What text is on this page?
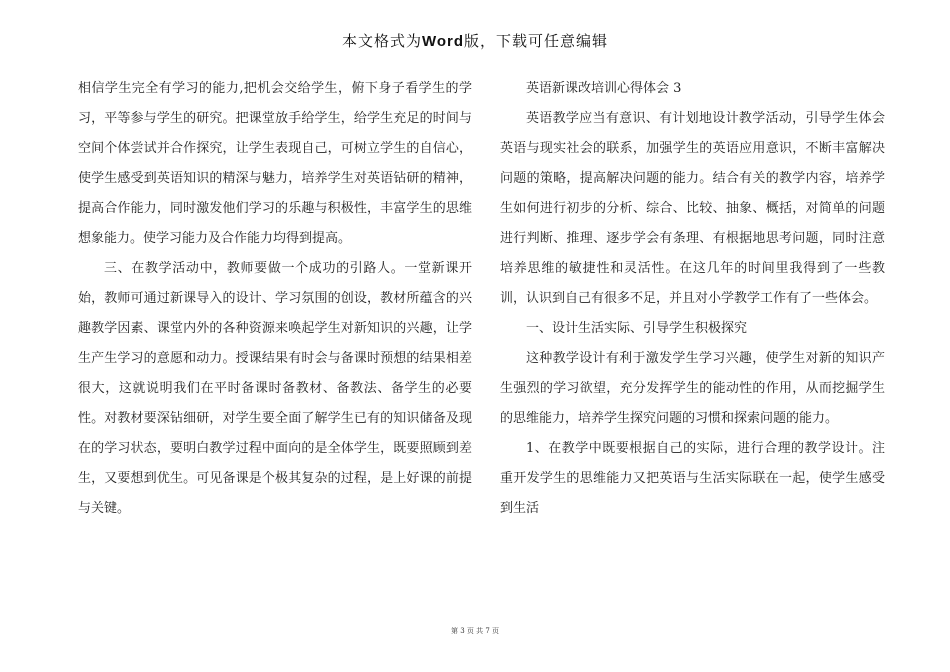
本文格式为Word版，下载可任意编辑

相信学生完全有学习的能力,把机会交给学生，俯下身子看学生的学习，平等参与学生的研究。把课堂放手给学生，给学生充足的时间与空间个体尝试并合作探究，让学生表现自己，可树立学生的自信心，使学生感受到英语知识的精深与魅力，培养学生对英语钻研的精神，提高合作能力，同时激发他们学习的乐趣与积极性，丰富学生的思维想象能力。使学习能力及合作能力均得到提高。

三、在教学活动中，教师要做一个成功的引路人。一堂新课开始，教师可通过新课导入的设计、学习氛围的创设，教材所蕴含的兴趣教学因素、课堂内外的各种资源来唤起学生对新知识的兴趣，让学生产生学习的意愿和动力。授课结果有时会与备课时预想的结果相差很大，这就说明我们在平时备课时备教材、备教法、备学生的必要性。对教材要深钻细研，对学生要全面了解学生已有的知识储备及现在的学习状态，要明白教学过程中面向的是全体学生，既要照顾到差生，又要想到优生。可见备课是个极其复杂的过程，是上好课的前提与关键。

英语新课改培训心得体会 3

英语教学应当有意识、有计划地设计教学活动，引导学生体会英语与现实社会的联系，加强学生的英语应用意识，不断丰富解决问题的策略，提高解决问题的能力。结合有关的教学内容，培养学生如何进行初步的分析、综合、比较、抽象、概括，对简单的问题进行判断、推理、逐步学会有条理、有根据地思考问题，同时注意培养思维的敏捷性和灵活性。在这几年的时间里我得到了一些教训，认识到自己有很多不足，并且对小学教学工作有了一些体会。

一、设计生活实际、引导学生积极探究

这种教学设计有利于激发学生学习兴趣，使学生对新的知识产生强烈的学习欲望，充分发挥学生的能动性的作用，从而挖掘学生的思维能力，培养学生探究问题的习惯和探索问题的能力。

1、在教学中既要根据自己的实际，进行合理的教学设计。注重开发学生的思维能力又把英语与生活实际联在一起，使学生感受到生活

第 3 页 共 7 页
